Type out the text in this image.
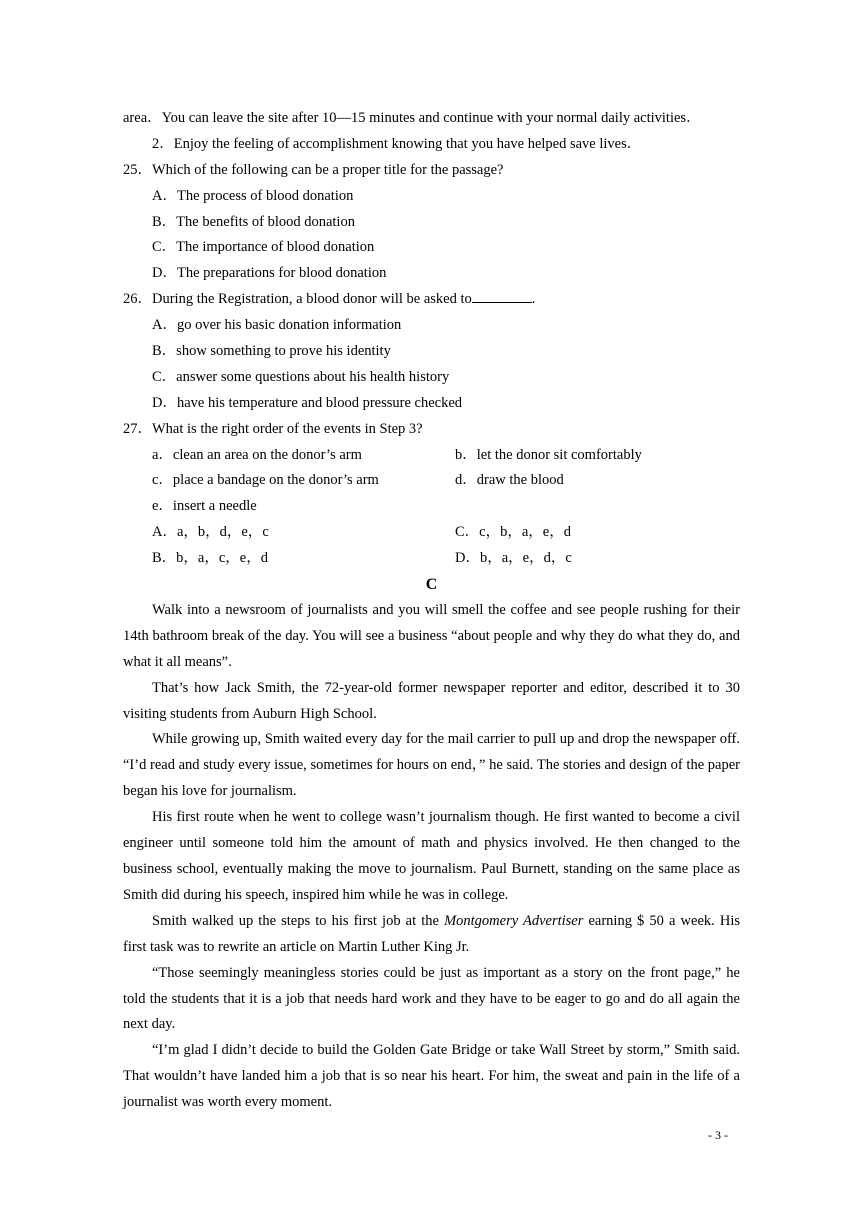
area．You can leave the site after 10—15 minutes and continue with your normal daily activities．
2．Enjoy the feeling of accomplishment knowing that you have helped save lives．
25．Which of the following can be a proper title for the passage?
A．The process of blood donation
B．The benefits of blood donation
C．The importance of blood donation
D．The preparations for blood donation
26．During the Registration, a blood donor will be asked to	.
A．go over his basic donation information
B．show something to prove his identity
C．answer some questions about his health history
D．have his temperature and blood pressure checked
27．What is the right order of the events in Step 3?
a．clean an area on the donor’s arm	b．let the donor sit comfortably
c．place a bandage on the donor’s arm	d．draw the blood
e．insert a needle
A．a，b，d，e，c	C．c，b，a，e，d
B．b，a，c，e，d	D．b，a，e，d，c
C

Walk into a newsroom of journalists and you will smell the coffee and see people rushing for their 14th bathroom break of the day. You will see a business “about people and why they do what they do, and what it all means”.

That’s how Jack Smith, the 72-year-old former newspaper reporter and editor, described it to 30 visiting students from Auburn High School.

While growing up, Smith waited every day for the mail carrier to pull up and drop the newspaper off. “I’d read and study every issue, sometimes for hours on end，” he said. The stories and design of the paper began his love for journalism.

His first route when he went to college wasn’t journalism though. He first wanted to become a civil engineer until someone told him the amount of math and physics involved. He then changed to the business school, eventually making the move to journalism. Paul Burnett, standing on the same place as Smith did during his speech, inspired him while he was in college.

Smith walked up the steps to his first job at the Montgomery Advertiser earning $ 50 a week. His first task was to rewrite an article on Martin Luther King Jr.

“Those seemingly meaningless stories could be just as important as a story on the front page,” he told the students that it is a job that needs hard work and they have to be eager to go and do all again the next day.

“I’m glad I didn’t decide to build the Golden Gate Bridge or take Wall Street by storm,” Smith said. That wouldn’t have landed him a job that is so near his heart. For him, the sweat and pain in the life of a journalist was worth every moment.

- 3 -
